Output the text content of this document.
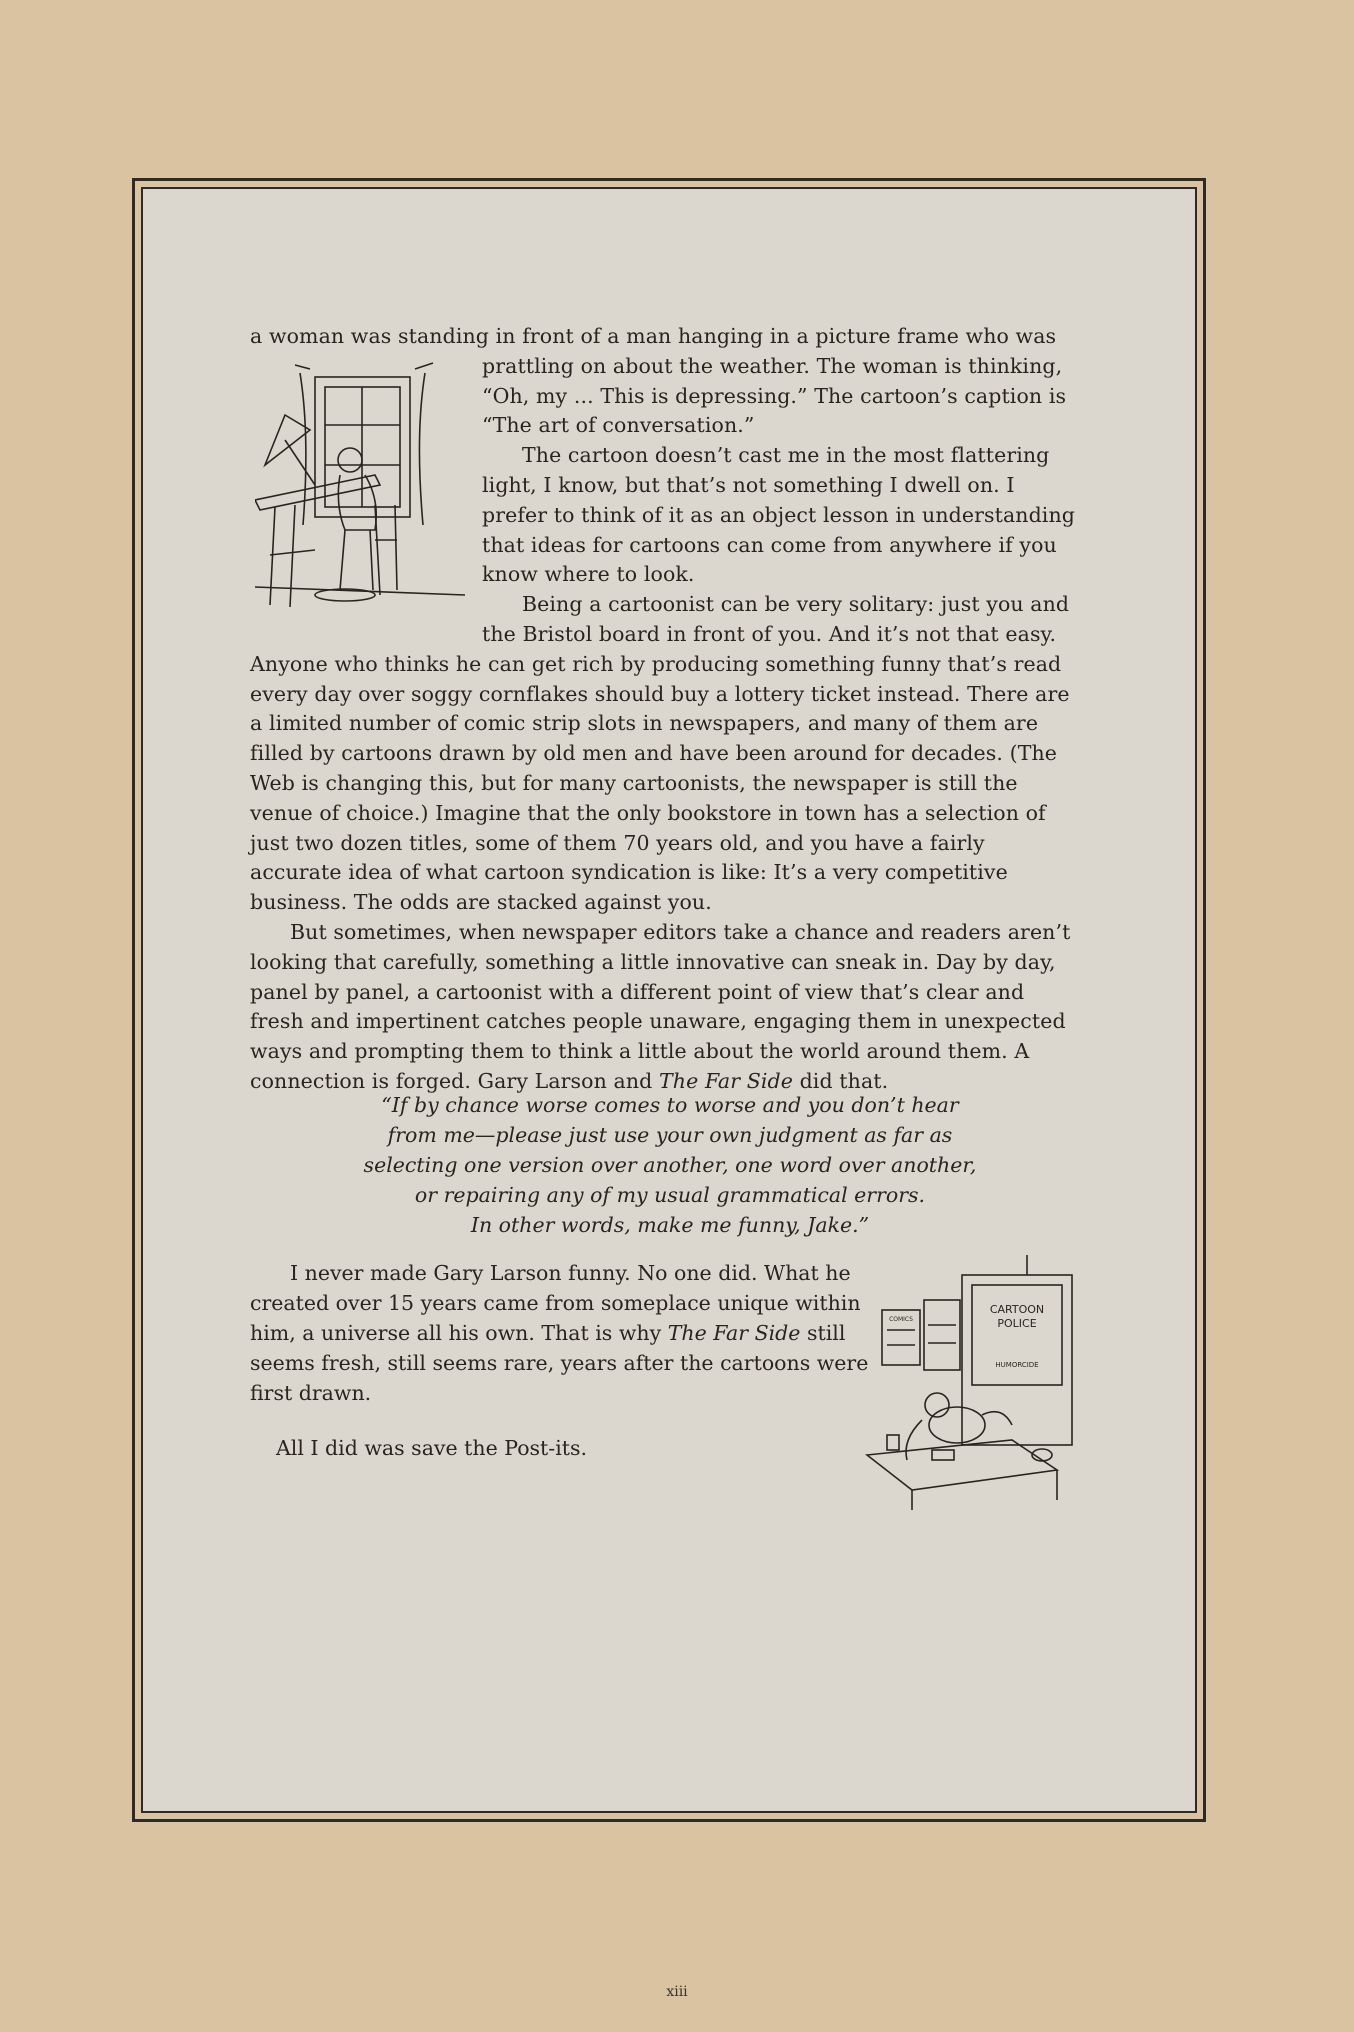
a woman was standing in front of a man hanging in a picture frame who was

prattling on about the weather. The woman is thinking, “Oh, my ... This is depressing.” The cartoon’s caption is “The art of conversation.”

The cartoon doesn’t cast me in the most flattering light, I know, but that’s not something I dwell on. I prefer to think of it as an object lesson in understanding that ideas for cartoons can come from anywhere if you know where to look.

Being a cartoonist can be very solitary: just you and the Bristol board in front of you. And it’s not that easy. Anyone who thinks he can get rich by producing something funny that’s read every day over soggy cornflakes should buy a lottery ticket instead. There are a limited number of comic strip slots in newspapers, and many of them are filled by cartoons drawn by old men and have been around for decades. (The Web is changing this, but for many cartoonists, the newspaper is still the venue of choice.) Imagine that the only bookstore in town has a selection of just two dozen titles, some of them 70 years old, and you have a fairly accurate idea of what cartoon syndication is like: It’s a very competitive business. The odds are stacked against you.

But sometimes, when newspaper editors take a chance and readers aren’t looking that carefully, something a little innovative can sneak in. Day by day, panel by panel, a cartoonist with a different point of view that’s clear and fresh and impertinent catches people unaware, engaging them in unexpected ways and prompting them to think a little about the world around them. A connection is forged. Gary Larson and The Far Side did that.

“If by chance worse comes to worse and you don’t hear
from me—please just use your own judgment as far as
selecting one version over another, one word over another,
or repairing any of my usual grammatical errors.
In other words, make me funny, Jake.”
I never made Gary Larson funny. No one did. What he created over 15 years came from someplace unique within him, a universe all his own. That is why The Far Side still seems fresh, still seems rare, years after the cartoons were first drawn.
All I did was save the Post-its.
CARTOON
POLICE
HUMORCIDE
COMICS
xiii
